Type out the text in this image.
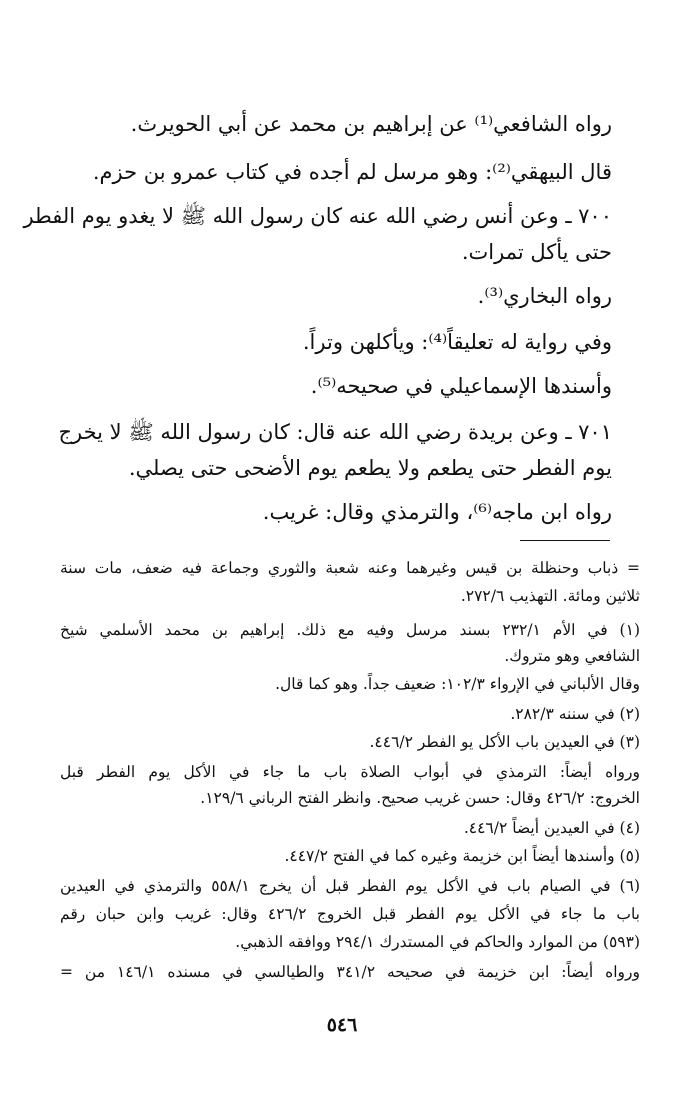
رواه الشافعي⁽¹⁾ عن إبراهيم بن محمد عن أبي الحويرث.
قال البيهقي⁽²⁾: وهو مرسل لم أجده في كتاب عمرو بن حزم.
٧٠٠ ـ وعن أنس رضي الله عنه كان رسول الله ﷺ لا يغدو يوم الفطر
حتى يأكل تمرات.
رواه البخاري⁽³⁾.
وفي رواية له تعليقاً⁽⁴⁾: ويأكلهن وتراً.
وأسندها الإسماعيلي في صحيحه⁽⁵⁾.
٧٠١ ـ وعن بريدة رضي الله عنه قال: كان رسول الله ﷺ لا يخرج
يوم الفطر حتى يطعم ولا يطعم يوم الأضحى حتى يصلي.
رواه ابن ماجه⁽⁶⁾، والترمذي وقال: غريب.
= ذباب وحنظلة بن قيس وغيرهما وعنه شعبة والثوري وجماعة فيه ضعف، مات سنة
ثلاثين ومائة. التهذيب ٢٧٢/٦.
(١) في الأم ٢٣٢/١ بسند مرسل وفيه مع ذلك. إبراهيم بن محمد الأسلمي شيخ
الشافعي وهو متروك.
وقال الألباني في الإرواء ١٠٢/٣: ضعيف جداً. وهو كما قال.
(٢) في سننه ٢٨٢/٣.
(٣) في العيدين باب الأكل يو الفطر ٤٤٦/٢.
ورواه أيضاً: الترمذي في أبواب الصلاة باب ما جاء في الأكل يوم الفطر قبل
الخروج: ٤٢٦/٢ وقال: حسن غريب صحيح. وانظر الفتح الرباني ١٢٩/٦.
(٤) في العيدين أيضاً ٤٤٦/٢.
(٥) وأسندها أيضاً ابن خزيمة وغيره كما في الفتح ٤٤٧/٢.
(٦) في الصيام باب في الأكل يوم الفطر قبل أن يخرج ٥٥٨/١ والترمذي في العيدين
باب ما جاء في الأكل يوم الفطر قبل الخروج ٤٢٦/٢ وقال: غريب وابن حبان رقم
(٥٩٣) من الموارد والحاكم في المستدرك ٢٩٤/١ ووافقه الذهبي.
ورواه أيضاً: ابن خزيمة في صحيحه ٣٤١/٢ والطيالسي في مسنده ١٤٦/١ من =
٥٤٦
